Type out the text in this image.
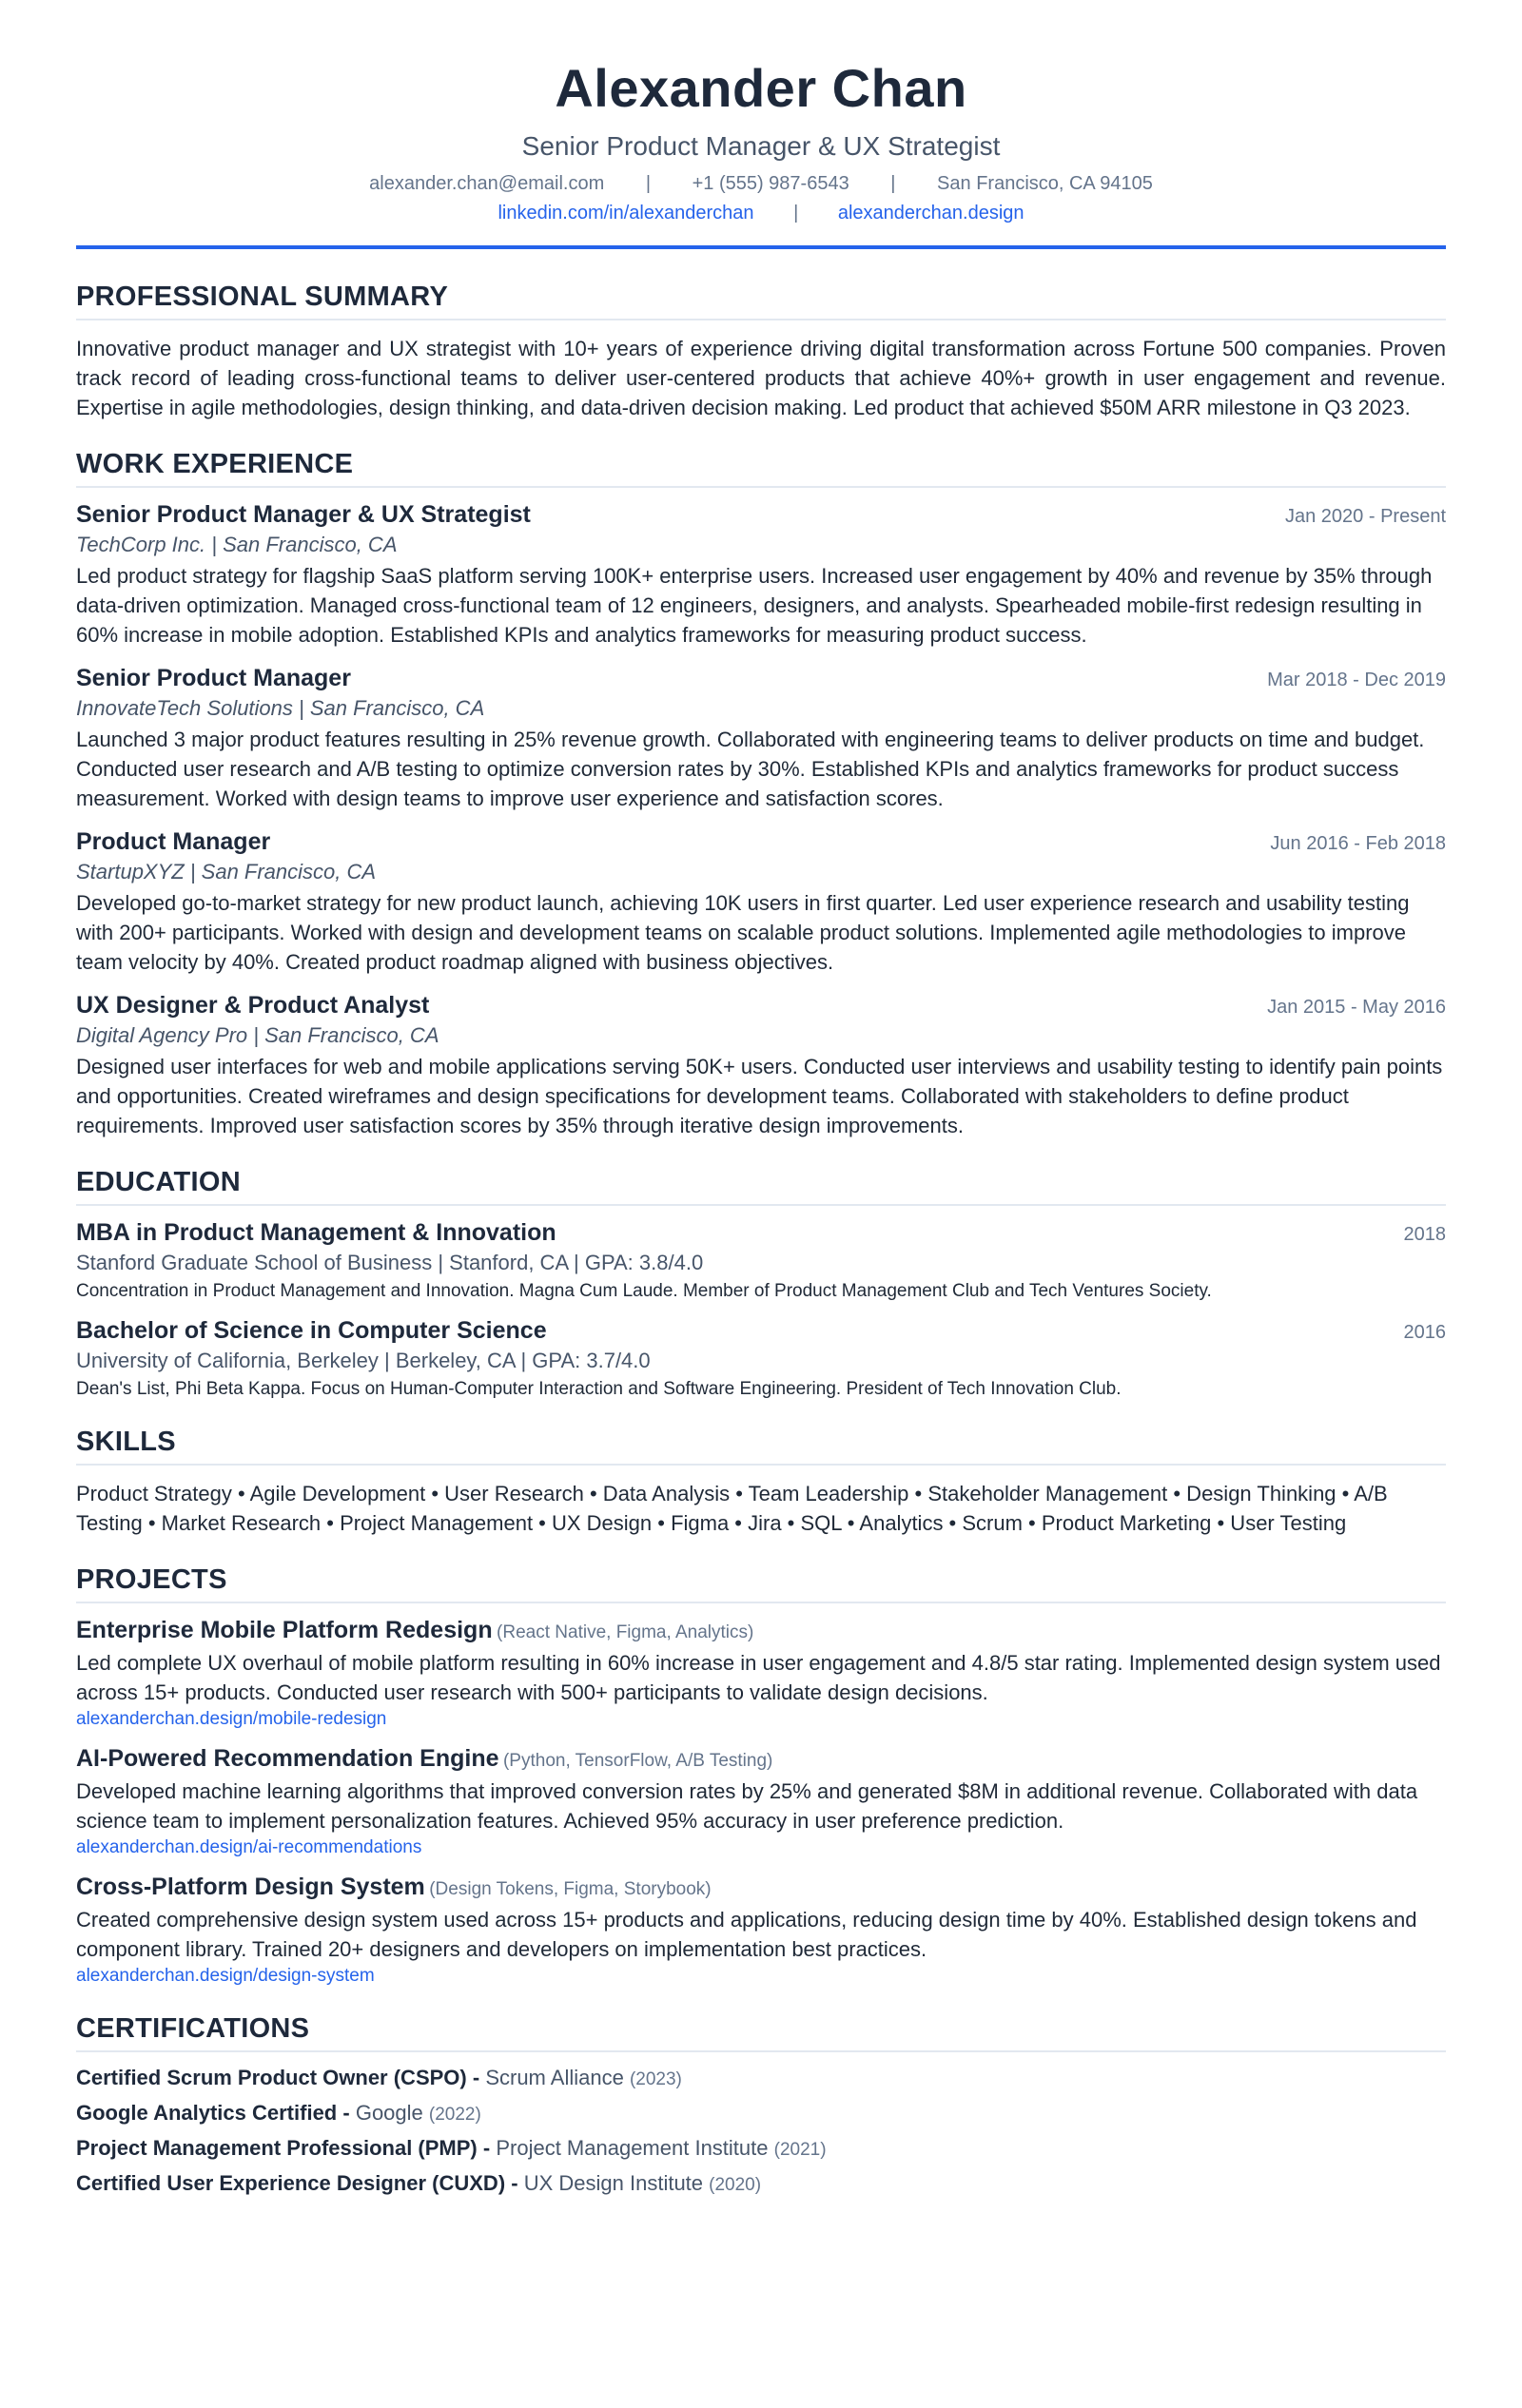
Alexander Chan
Senior Product Manager & UX Strategist
alexander.chan@email.com | +1 (555) 987-6543 | San Francisco, CA 94105
linkedin.com/in/alexanderchan | alexanderchan.design
PROFESSIONAL SUMMARY

Innovative product manager and UX strategist with 10+ years of experience driving digital transformation across Fortune 500 companies. Proven track record of leading cross-functional teams to deliver user-centered products that achieve 40%+ growth in user engagement and revenue. Expertise in agile methodologies, design thinking, and data-driven decision making. Led product that achieved $50M ARR milestone in Q3 2023.

WORK EXPERIENCE
Senior Product Manager & UX Strategist	Jan 2020 - Present
TechCorp Inc. | San Francisco, CA

Led product strategy for flagship SaaS platform serving 100K+ enterprise users. Increased user engagement by 40% and revenue by 35% through data-driven optimization. Managed cross-functional team of 12 engineers, designers, and analysts. Spearheaded mobile-first redesign resulting in 60% increase in mobile adoption. Established KPIs and analytics frameworks for measuring product success.

Senior Product Manager	Mar 2018 - Dec 2019
InnovateTech Solutions | San Francisco, CA

Launched 3 major product features resulting in 25% revenue growth. Collaborated with engineering teams to deliver products on time and budget. Conducted user research and A/B testing to optimize conversion rates by 30%. Established KPIs and analytics frameworks for product success measurement. Worked with design teams to improve user experience and satisfaction scores.

Product Manager	Jun 2016 - Feb 2018
StartupXYZ | San Francisco, CA

Developed go-to-market strategy for new product launch, achieving 10K users in first quarter. Led user experience research and usability testing with 200+ participants. Worked with design and development teams on scalable product solutions. Implemented agile methodologies to improve team velocity by 40%. Created product roadmap aligned with business objectives.

UX Designer & Product Analyst	Jan 2015 - May 2016
Digital Agency Pro | San Francisco, CA

Designed user interfaces for web and mobile applications serving 50K+ users. Conducted user interviews and usability testing to identify pain points and opportunities. Created wireframes and design specifications for development teams. Collaborated with stakeholders to define product requirements. Improved user satisfaction scores by 35% through iterative design improvements.

EDUCATION
MBA in Product Management & Innovation	2018
Stanford Graduate School of Business | Stanford, CA | GPA: 3.8/4.0

Concentration in Product Management and Innovation. Magna Cum Laude. Member of Product Management Club and Tech Ventures Society.

Bachelor of Science in Computer Science	2016
University of California, Berkeley | Berkeley, CA | GPA: 3.7/4.0

Dean's List, Phi Beta Kappa. Focus on Human-Computer Interaction and Software Engineering. President of Tech Innovation Club.

SKILLS

Product Strategy • Agile Development • User Research • Data Analysis • Team Leadership • Stakeholder Management • Design Thinking • A/B Testing • Market Research • Project Management • UX Design • Figma • Jira • SQL • Analytics • Scrum • Product Marketing • User Testing

PROJECTS
Enterprise Mobile Platform Redesign (React Native, Figma, Analytics)

Led complete UX overhaul of mobile platform resulting in 60% increase in user engagement and 4.8/5 star rating. Implemented design system used across 15+ products. Conducted user research with 500+ participants to validate design decisions.

alexanderchan.design/mobile-redesign
AI-Powered Recommendation Engine (Python, TensorFlow, A/B Testing)

Developed machine learning algorithms that improved conversion rates by 25% and generated $8M in additional revenue. Collaborated with data science team to implement personalization features. Achieved 95% accuracy in user preference prediction.

alexanderchan.design/ai-recommendations
Cross-Platform Design System (Design Tokens, Figma, Storybook)

Created comprehensive design system used across 15+ products and applications, reducing design time by 40%. Established design tokens and component library. Trained 20+ designers and developers on implementation best practices.

alexanderchan.design/design-system
CERTIFICATIONS
Certified Scrum Product Owner (CSPO) - Scrum Alliance (2023)
Google Analytics Certified - Google (2022)
Project Management Professional (PMP) - Project Management Institute (2021)
Certified User Experience Designer (CUXD) - UX Design Institute (2020)
